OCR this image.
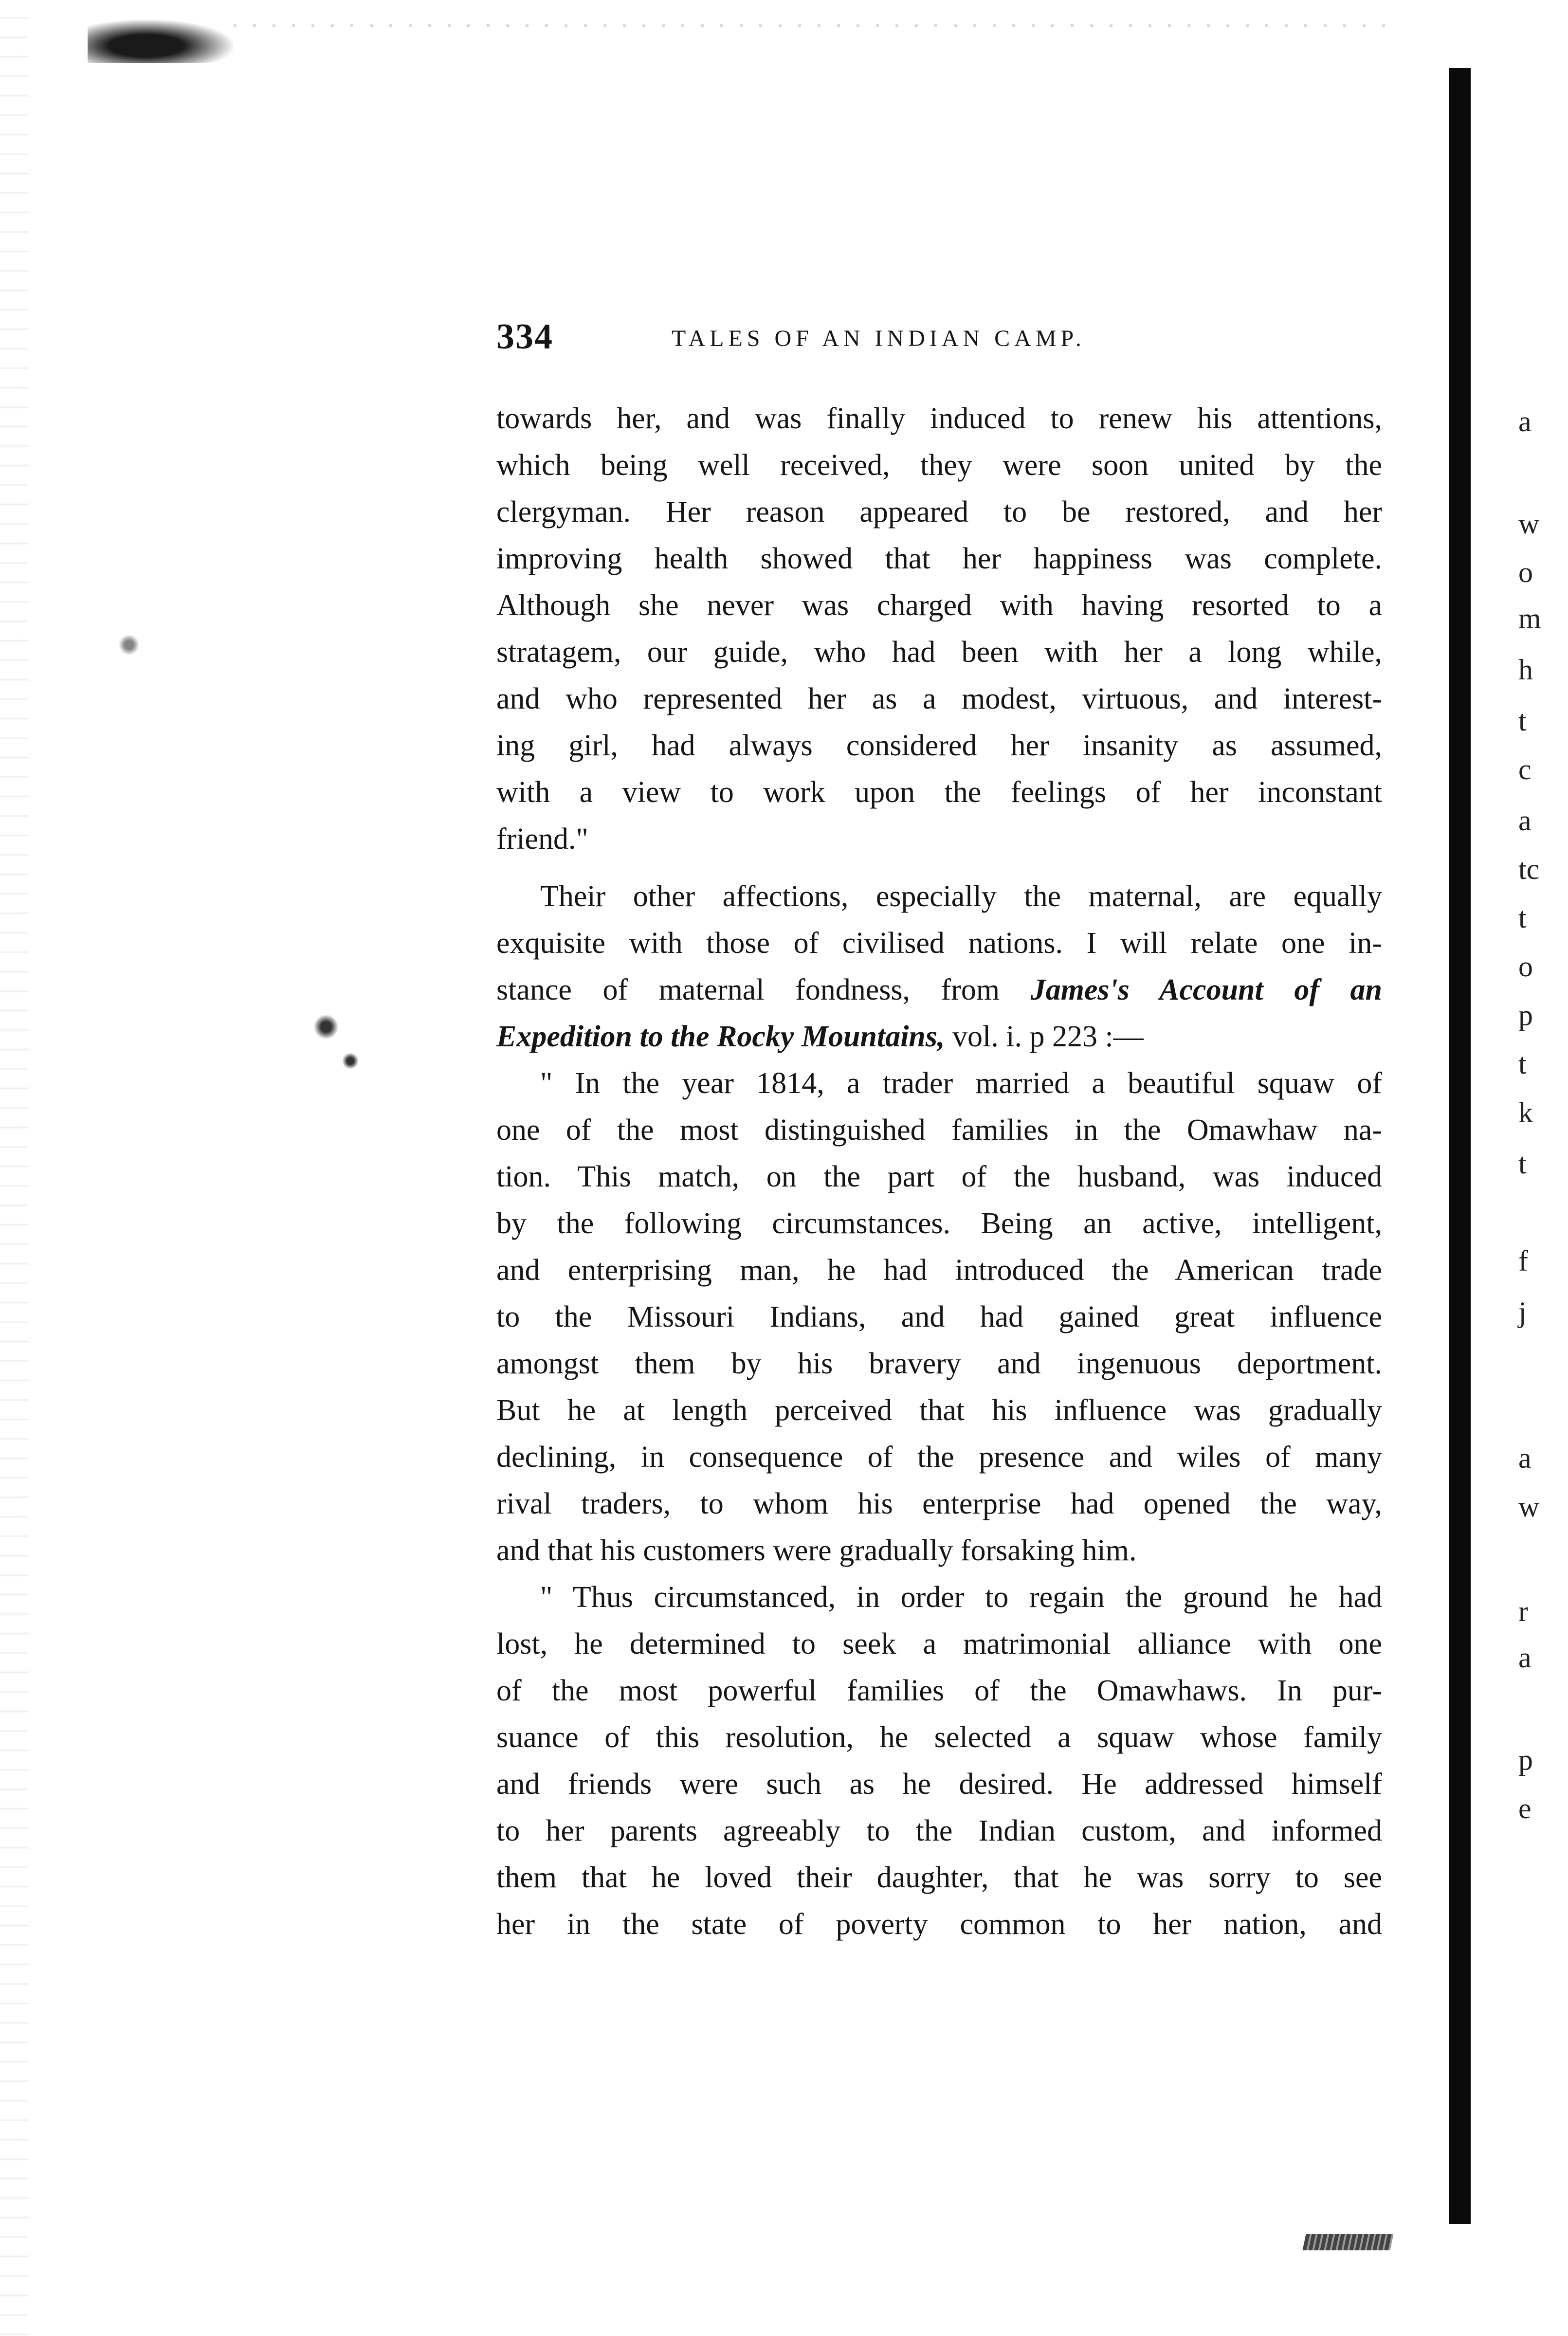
334	TALES OF AN INDIAN CAMP.
towards her, and was finally induced to renew his attentions,
which being well received, they were soon united by the
clergyman. Her reason appeared to be restored, and her
improving health showed that her happiness was complete.
Although she never was charged with having resorted to a
stratagem, our guide, who had been with her a long while,
and who represented her as a modest, virtuous, and interest-
ing girl, had always considered her insanity as assumed,
with a view to work upon the feelings of her inconstant
friend."
Their other affections, especially the maternal, are equally
exquisite with those of civilised nations. I will relate one in-
stance of maternal fondness, from James's Account of an
Expedition to the Rocky Mountains, vol. i. p 223 :—
" In the year 1814, a trader married a beautiful squaw of
one of the most distinguished families in the Omawhaw na-
tion. This match, on the part of the husband, was induced
by the following circumstances. Being an active, intelligent,
and enterprising man, he had introduced the American trade
to the Missouri Indians, and had gained great influence
amongst them by his bravery and ingenuous deportment.
But he at length perceived that his influence was gradually
declining, in consequence of the presence and wiles of many
rival traders, to whom his enterprise had opened the way,
and that his customers were gradually forsaking him.
" Thus circumstanced, in order to regain the ground he had
lost, he determined to seek a matrimonial alliance with one
of the most powerful families of the Omawhaws. In pur-
suance of this resolution, he selected a squaw whose family
and friends were such as he desired. He addressed himself
to her parents agreeably to the Indian custom, and informed
them that he loved their daughter, that he was sorry to see
her in the state of poverty common to her nation, and
a
w
o
m
h
t
c
a
tc
t
o
p
t
k
t
f
j
a
w
r
a
p
e
